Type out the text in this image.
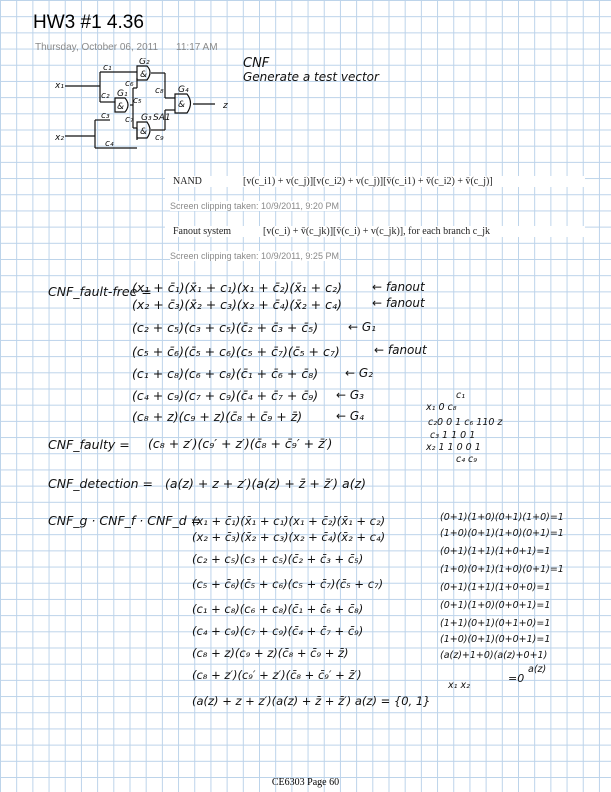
HW3 #1 4.36
Thursday, October 06, 2011 11:17 AM
x₁
x₂
c₁
G₂
&
&
G₁
&
G₃
&
G₄
c₂
c₃
c₄
c₅
c₆
c₇
c₈
c₉
SA1
z
CNF
Generate a test vector
NAND	[v(c_i1) + v(c_j)][v(c_i2) + v(c_j)][v̄(c_i1) + v̄(c_i2) + v̄(c_j)]
Screen clipping taken: 10/9/2011, 9:20 PM
Fanout system	[v(c_i) + v̄(c_jk)][v̄(c_i) + v(c_jk)], for each branch c_jk
Screen clipping taken: 10/9/2011, 9:25 PM
CNF_fault-free =
(x₁ + c̄₁)(x̄₁ + c₁)(x₁ + c̄₂)(x̄₁ + c₂)
(x₂ + c̄₃)(x̄₂ + c₃)(x₂ + c̄₄)(x̄₂ + c₄)
(c₂ + c₅)(c₃ + c₅)(c̄₂ + c̄₃ + c̄₅)
(c₅ + c̄₆)(c̄₅ + c₆)(c₅ + c̄₇)(c̄₅ + c₇)
(c₁ + c₈)(c₆ + c₈)(c̄₁ + c̄₆ + c̄₈)
(c₄ + c₉)(c₇ + c₉)(c̄₄ + c̄₇ + c̄₉)
(c₈ + z)(c₉ + z)(c̄₈ + c̄₉ + z̄)
← fanout
← fanout
← G₁
← fanout
← G₂
← G₃
← G₄
c₁
x₁ 0 c₈
c₂0 0 1 c₆ 110 z
c₃ 1 1 0 1
x₂ 1 1 0 0 1
c₄ c₉
CNF_faulty = (c₈ + z′)(c₉′ + z′)(c̄₈ + c̄₉′ + z̄′)
CNF_detection = (a(z) + z + z′)(a(z) + z̄ + z̄′) a(z)
CNF_g · CNF_f · CNF_d =
(x₁ + c̄₁)(x̄₁ + c₁)(x₁ + c̄₂)(x̄₁ + c₂)
(x₂ + c̄₃)(x̄₂ + c₃)(x₂ + c̄₄)(x̄₂ + c₄)
(c₂ + c₅)(c₃ + c₅)(c̄₂ + c̄₃ + c̄₅)
(c₅ + c̄₆)(c̄₅ + c₆)(c₅ + c̄₇)(c̄₅ + c₇)
(c₁ + c₈)(c₆ + c₈)(c̄₁ + c̄₆ + c̄₈)
(c₄ + c₉)(c₇ + c₉)(c̄₄ + c̄₇ + c̄₉)
(c₈ + z)(c₉ + z)(c̄₈ + c̄₉ + z̄)
(c₈ + z′)(c₉′ + z′)(c̄₈ + c̄₉′ + z̄′)
(a(z) + z + z′)(a(z) + z̄ + z̄′) a(z) = {0, 1}
x₁ x₂
(0+1)(1+0)(0+1)(1+0)=1
(1+0)(0+1)(1+0)(0+1)=1
(0+1)(1+1)(1+0+1)=1
(1+0)(0+1)(1+0)(0+1)=1
(0+1)(1+1)(1+0+0)=1
(0+1)(1+0)(0+0+1)=1
(1+1)(0+1)(0+1+0)=1
(1+0)(0+1)(0+0+1)=1
(a(z)+1+0)(a(z)+0+1)
a(z)
=0
CE6303 Page 60
